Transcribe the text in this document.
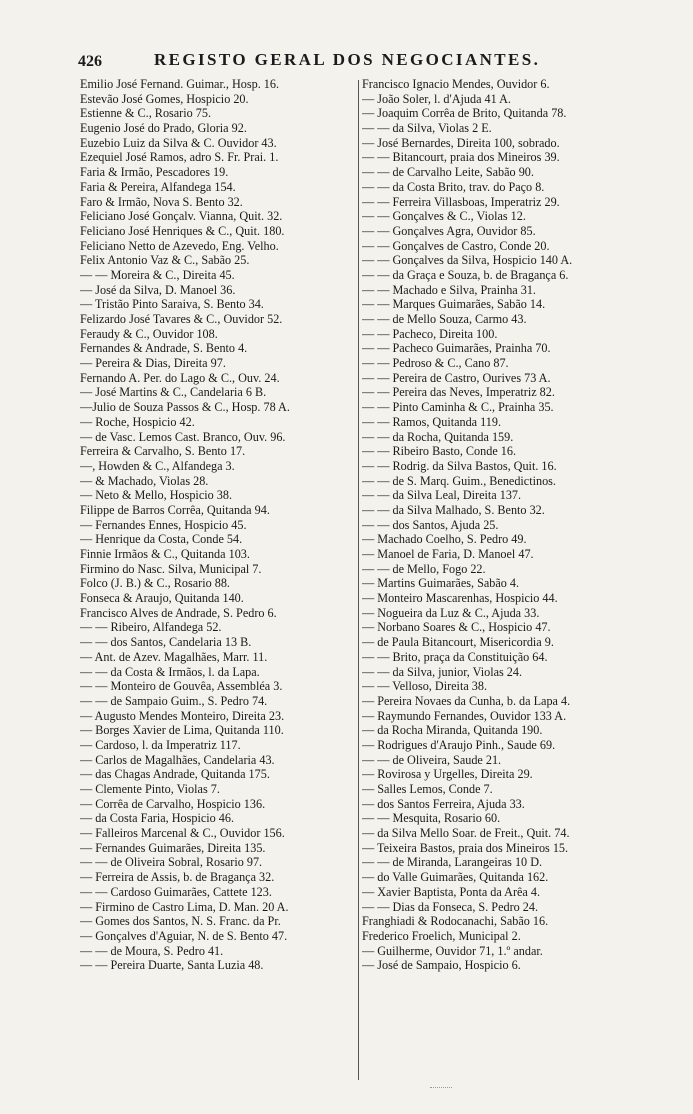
426	REGISTO GERAL DOS NEGOCIANTES.
Emilio José Fernand. Guimar., Hosp. 16.
Estevão José Gomes, Hospicio 20.
Estienne & C., Rosario 75.
Eugenio José do Prado, Gloria 92.
Euzebio Luiz da Silva & C. Ouvidor 43.
Ezequiel José Ramos, adro S. Fr. Prai. 1.
Faria & Irmão, Pescadores 19.
Faria & Pereira, Alfandega 154.
Faro & Irmão, Nova S. Bento 32.
Feliciano José Gonçalv. Vianna, Quit. 32.
Feliciano José Henriques & C., Quit. 180.
Feliciano Netto de Azevedo, Eng. Velho.
Felix Antonio Vaz & C., Sabão 25.
— — Moreira & C., Direita 45.
— José da Silva, D. Manoel 36.
— Tristão Pinto Saraiva, S. Bento 34.
Felizardo José Tavares & C., Ouvidor 52.
Feraudy & C., Ouvidor 108.
Fernandes & Andrade, S. Bento 4.
— Pereira & Dias, Direita 97.
Fernando A. Per. do Lago & C., Ouv. 24.
— José Martins & C., Candelaria 6 B.
—Julio de Souza Passos & C., Hosp. 78 A.
— Roche, Hospicio 42.
— de Vasc. Lemos Cast. Branco, Ouv. 96.
Ferreira & Carvalho, S. Bento 17.
—, Howden & C., Alfandega 3.
— & Machado, Violas 28.
— Neto & Mello, Hospicio 38.
Filippe de Barros Corrêa, Quitanda 94.
— Fernandes Ennes, Hospicio 45.
— Henrique da Costa, Conde 54.
Finnie Irmãos & C., Quitanda 103.
Firmino do Nasc. Silva, Municipal 7.
Folco (J. B.) & C., Rosario 88.
Fonseca & Araujo, Quitanda 140.
Francisco Alves de Andrade, S. Pedro 6.
— — Ribeiro, Alfandega 52.
— — dos Santos, Candelaria 13 B.
— Ant. de Azev. Magalhães, Marr. 11.
— — da Costa & Irmãos, l. da Lapa.
— — Monteiro de Gouvêa, Assembléa 3.
— — de Sampaio Guim., S. Pedro 74.
— Augusto Mendes Monteiro, Direita 23.
— Borges Xavier de Lima, Quitanda 110.
— Cardoso, l. da Imperatriz 117.
— Carlos de Magalhães, Candelaria 43.
— das Chagas Andrade, Quitanda 175.
— Clemente Pinto, Violas 7.
— Corrêa de Carvalho, Hospicio 136.
— da Costa Faria, Hospicio 46.
— Falleiros Marcenal & C., Ouvidor 156.
— Fernandes Guimarães, Direita 135.
— — de Oliveira Sobral, Rosario 97.
— Ferreira de Assis, b. de Bragança 32.
— — Cardoso Guimarães, Cattete 123.
— Firmino de Castro Lima, D. Man. 20 A.
— Gomes dos Santos, N. S. Franc. da Pr.
— Gonçalves d'Aguiar, N. de S. Bento 47.
— — de Moura, S. Pedro 41.
— — Pereira Duarte, Santa Luzia 48.
Francisco Ignacio Mendes, Ouvidor 6.
— João Soler, l. d'Ajuda 41 A.
— Joaquim Corrêa de Brito, Quitanda 78.
— — da Silva, Violas 2 E.
— José Bernardes, Direita 100, sobrado.
— — Bitancourt, praia dos Mineiros 39.
— — de Carvalho Leite, Sabão 90.
— — da Costa Brito, trav. do Paço 8.
— — Ferreira Villasboas, Imperatriz 29.
— — Gonçalves & C., Violas 12.
— — Gonçalves Agra, Ouvidor 85.
— — Gonçalves de Castro, Conde 20.
— — Gonçalves da Silva, Hospicio 140 A.
— — da Graça e Souza, b. de Bragança 6.
— — Machado e Silva, Prainha 31.
— — Marques Guimarães, Sabão 14.
— — de Mello Souza, Carmo 43.
— — Pacheco, Direita 100.
— — Pacheco Guimarães, Prainha 70.
— — Pedroso & C., Cano 87.
— — Pereira de Castro, Ourives 73 A.
— — Pereira das Neves, Imperatriz 82.
— — Pinto Caminha & C., Prainha 35.
— — Ramos, Quitanda 119.
— — da Rocha, Quitanda 159.
— — Ribeiro Basto, Conde 16.
— — Rodrig. da Silva Bastos, Quit. 16.
— — de S. Marq. Guim., Benedictinos.
— — da Silva Leal, Direita 137.
— — da Silva Malhado, S. Bento 32.
— — dos Santos, Ajuda 25.
— Machado Coelho, S. Pedro 49.
— Manoel de Faria, D. Manoel 47.
— — de Mello, Fogo 22.
— Martins Guimarães, Sabão 4.
— Monteiro Mascarenhas, Hospicio 44.
— Nogueira da Luz & C., Ajuda 33.
— Norbano Soares & C., Hospicio 47.
— de Paula Bitancourt, Misericordia 9.
— — Brito, praça da Constituição 64.
— — da Silva, junior, Violas 24.
— — Velloso, Direita 38.
— Pereira Novaes da Cunha, b. da Lapa 4.
— Raymundo Fernandes, Ouvidor 133 A.
— da Rocha Miranda, Quitanda 190.
— Rodrigues d'Araujo Pinh., Saude 69.
— — de Oliveira, Saude 21.
— Rovirosa y Urgelles, Direita 29.
— Salles Lemos, Conde 7.
— dos Santos Ferreira, Ajuda 33.
— — Mesquita, Rosario 60.
— da Silva Mello Soar. de Freit., Quit. 74.
— Teixeira Bastos, praia dos Mineiros 15.
— — de Miranda, Larangeiras 10 D.
— do Valle Guimarães, Quitanda 162.
— Xavier Baptista, Ponta da Arêa 4.
— — Dias da Fonseca, S. Pedro 24.
Franghiadi & Rodocanachi, Sabão 16.
Frederico Froelich, Municipal 2.
— Guilherme, Ouvidor 71, 1.º andar.
— José de Sampaio, Hospicio 6.
